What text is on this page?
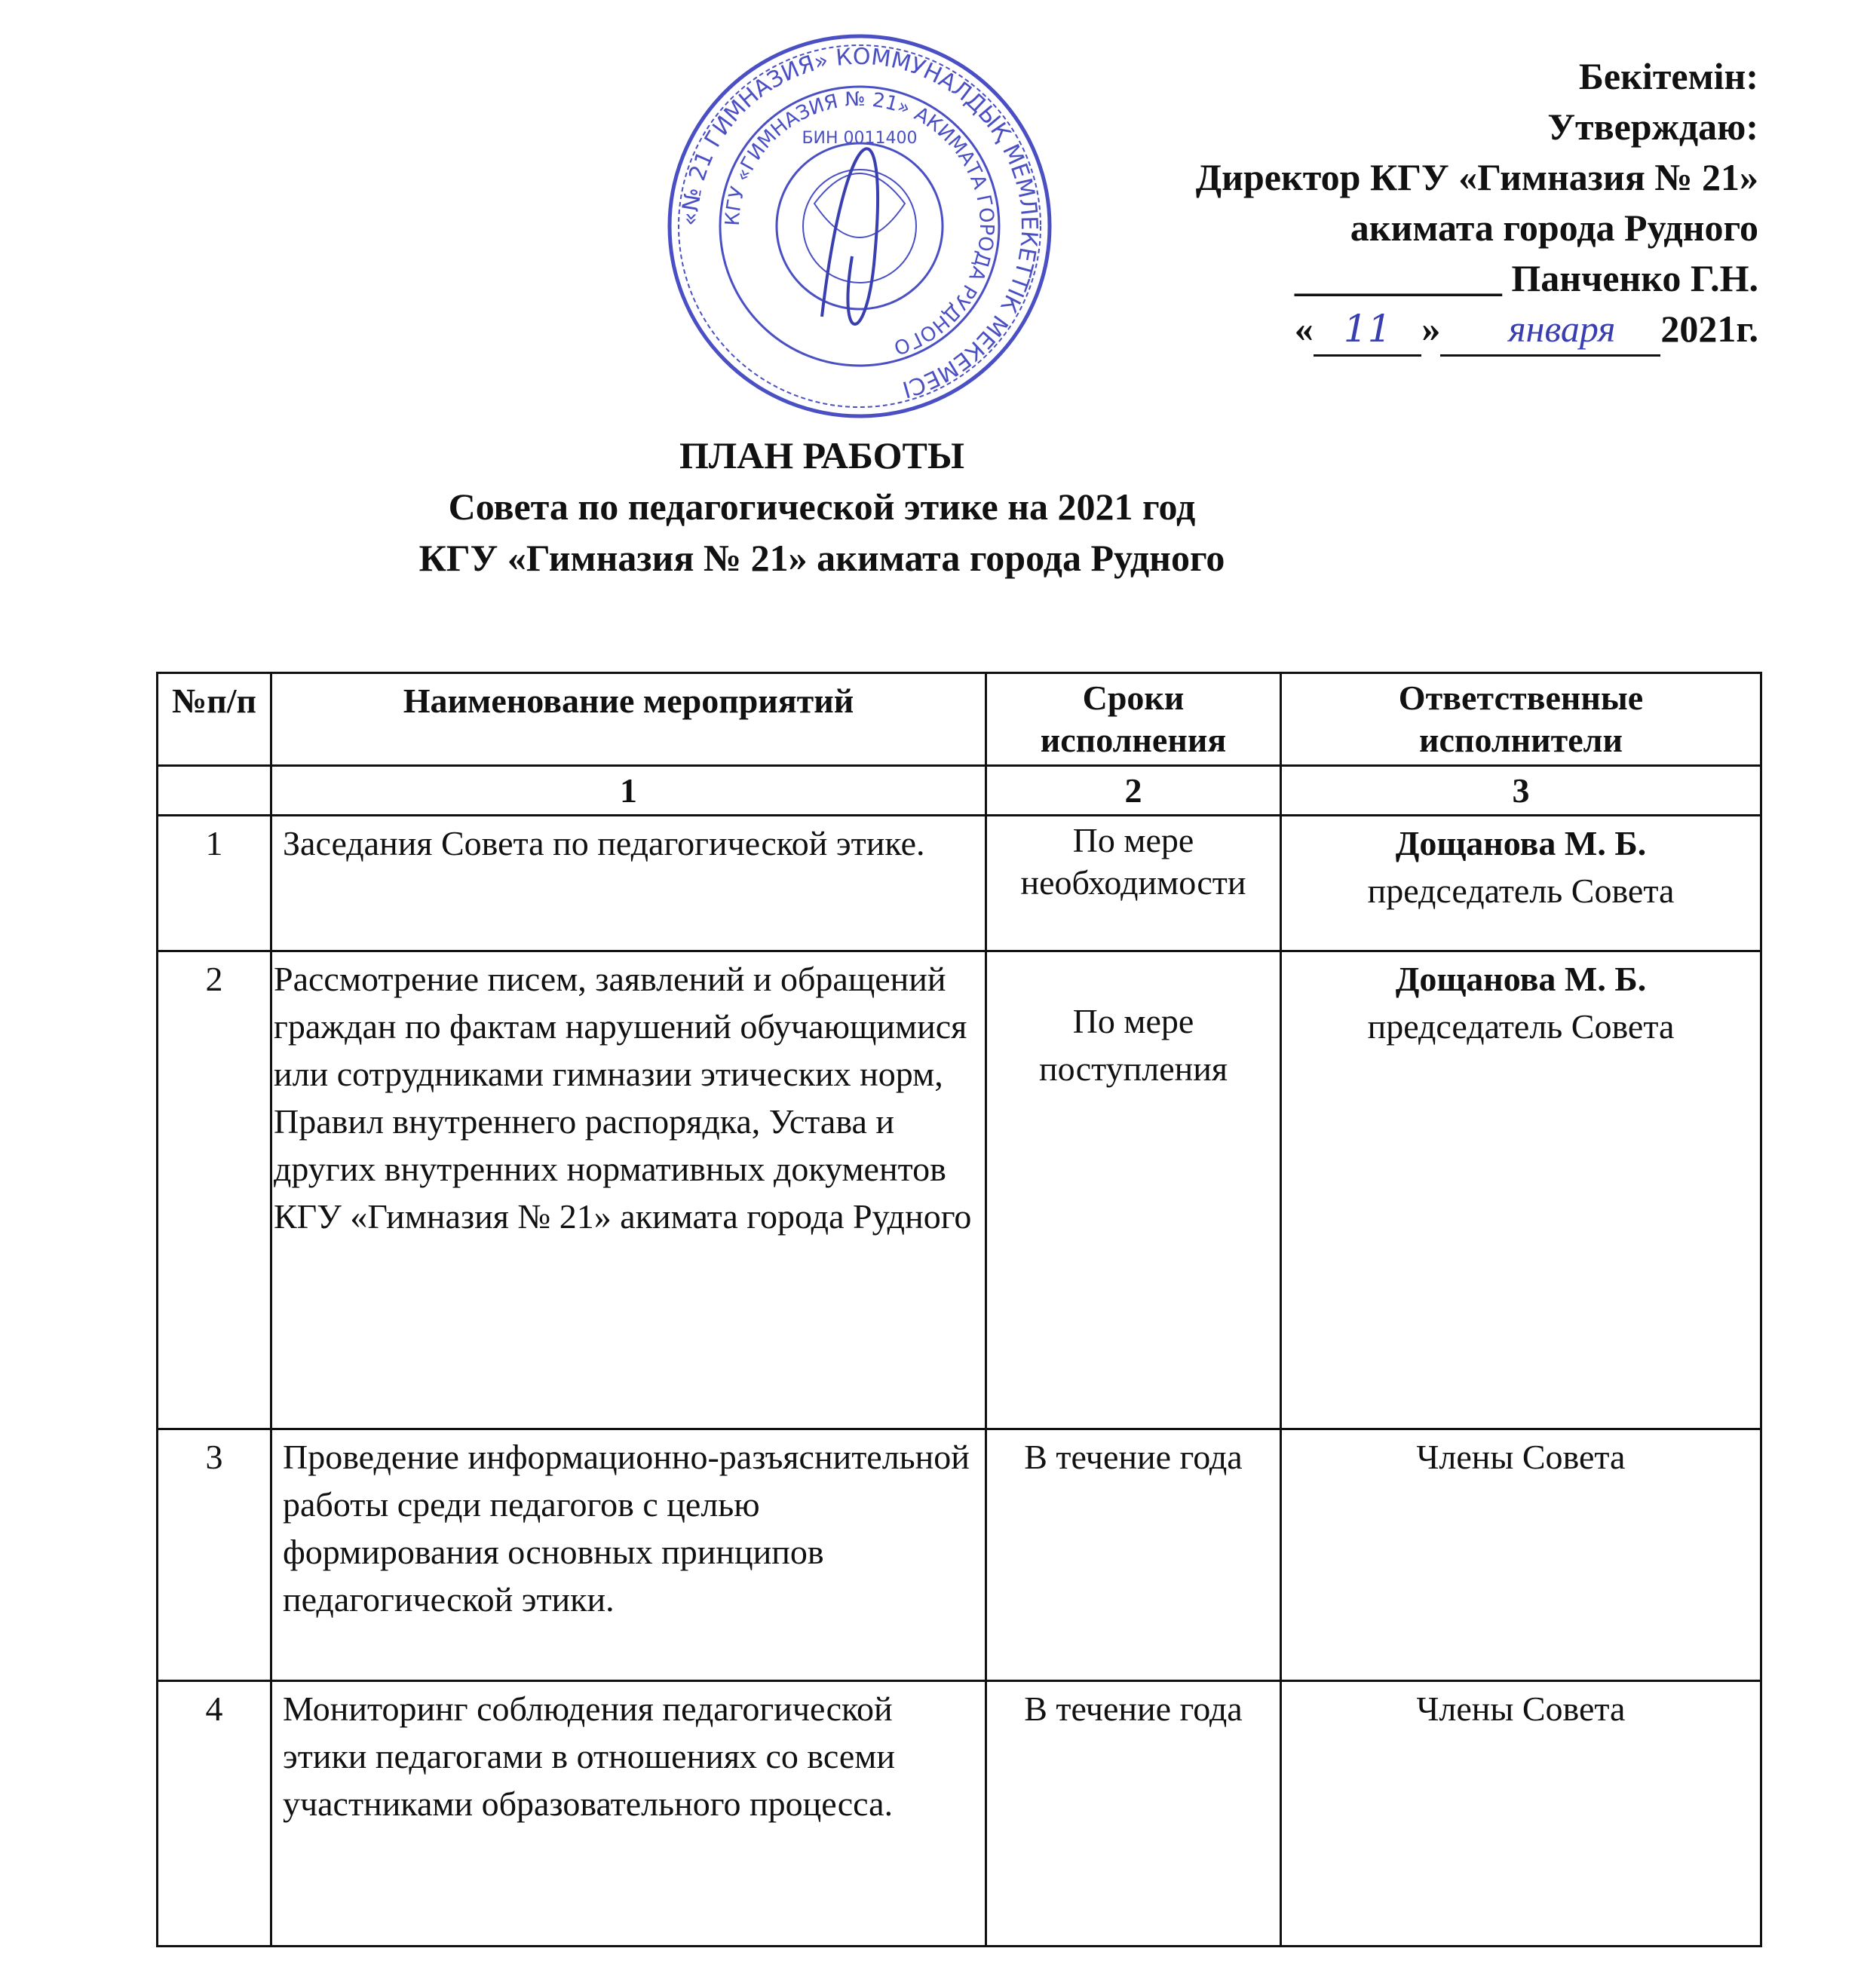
Бекітемін:
Утверждаю:
Директор КГУ «Гимназия № 21»
акимата города Рудного
___________ Панченко Г.Н.
« 11 » января 2021г.
«№ 21 ГИМНАЗИЯ» КОММУНАЛДЫҚ МЕМЛЕКЕТТІК МЕКЕМЕСІ
КГУ «ГИМНАЗИЯ № 21» АКИМАТА ГОРОДА РУДНОГО
БИН 0011400
ПЛАН РАБОТЫ
Совета по педагогической этике на 2021 год
КГУ «Гимназия № 21» акимата города Рудного
№п/п	Наименование мероприятий	Сроки исполнения	Ответственные исполнители
	1	2	3
1	Заседания Совета по педагогической этике.	По мере необходимости	Дощанова М. Б.
председатель Совета

2	Рассмотрение писем, заявлений и обращений граждан по фактам нарушений обучающимися или сотрудниками гимназии этических норм, Правил внутреннего распорядка, Устава и других внутренних нормативных документов КГУ «Гимназия № 21» акимата города Рудного	По мере поступления	Дощанова М. Б.
председатель Совета

3	Проведение информационно-разъяснительной работы среди педагогов с целью формирования основных принципов педагогической этики.	В течение года	Члены Совета

4	Мониторинг соблюдения педагогической этики педагогами в отношениях со всеми участниками образовательного процесса.	В течение года	Члены Совета
